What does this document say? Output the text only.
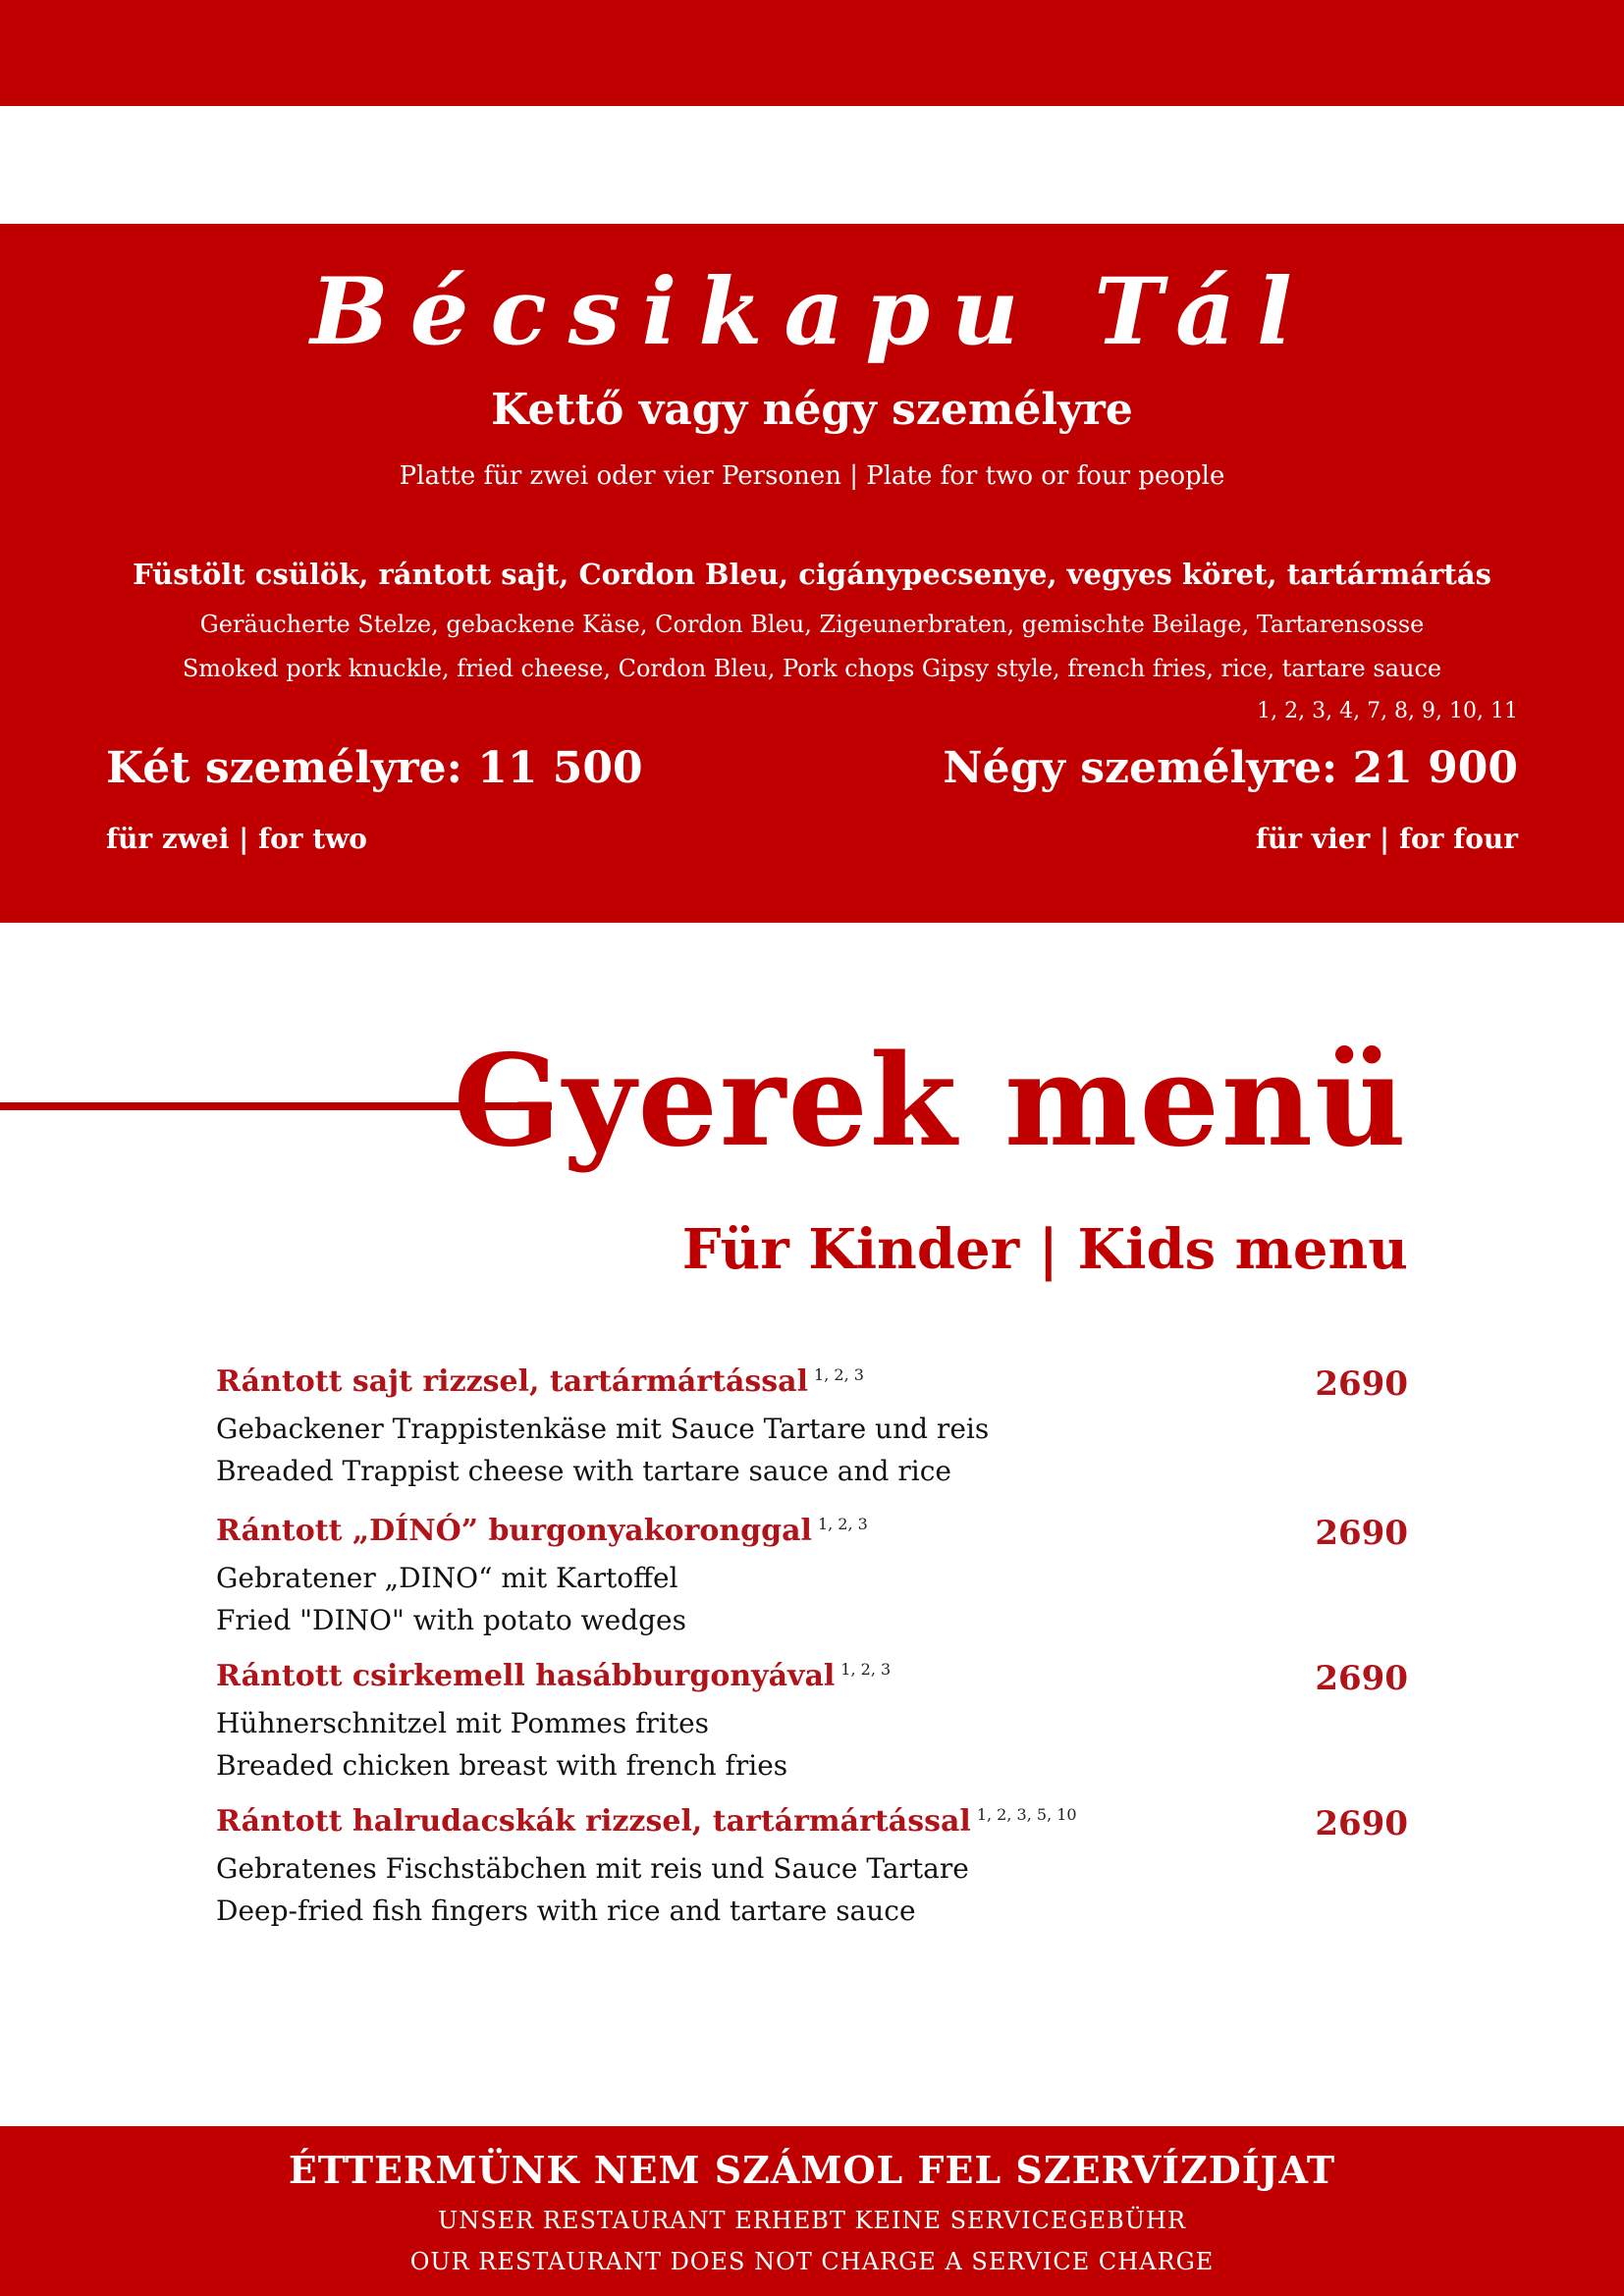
Bécsikapu Tál
Kettő vagy négy személyre
Platte für zwei oder vier Personen | Plate for two or four people
Füstölt csülök, rántott sajt, Cordon Bleu, cigánypecsenye, vegyes köret, tartármártás
Geräucherte Stelze, gebackene Käse, Cordon Bleu, Zigeunerbraten, gemischte Beilage, Tartarensosse
Smoked pork knuckle, fried cheese, Cordon Bleu, Pork chops Gipsy style, french fries, rice, tartare sauce
1, 2, 3, 4, 7, 8, 9, 10, 11
Két személyre: 11 500
für zwei | for two
Négy személyre: 21 900
für vier | for four
Gyerek menü
Für Kinder | Kids menu
Rántott sajt rizzsel, tartármártással $^{1, 2, 3}$	2690
Gebackener Trappistenkäse mit Sauce Tartare und reis
Breaded Trappist cheese with tartare sauce and rice
Rántott „DÍNÓ” burgonyakoronggal $^{1, 2, 3}$	2690
Gebratener „DINO“ mit Kartoffel
Fried "DINO" with potato wedges
Rántott csirkemell hasábburgonyával $^{1, 2, 3}$	2690
Hühnerschnitzel mit Pommes frites
Breaded chicken breast with french fries
Rántott halrudacskák rizzsel, tartármártással $^{1, 2, 3, 5, 10}$	2690
Gebratenes Fischstäbchen mit reis und Sauce Tartare
Deep-fried fish fingers with rice and tartare sauce
ÉTTERMÜNK NEM SZÁMOL FEL SZERVÍZDÍJAT
UNSER RESTAURANT ERHEBT KEINE SERVICEGEBÜHR
OUR RESTAURANT DOES NOT CHARGE A SERVICE CHARGE
